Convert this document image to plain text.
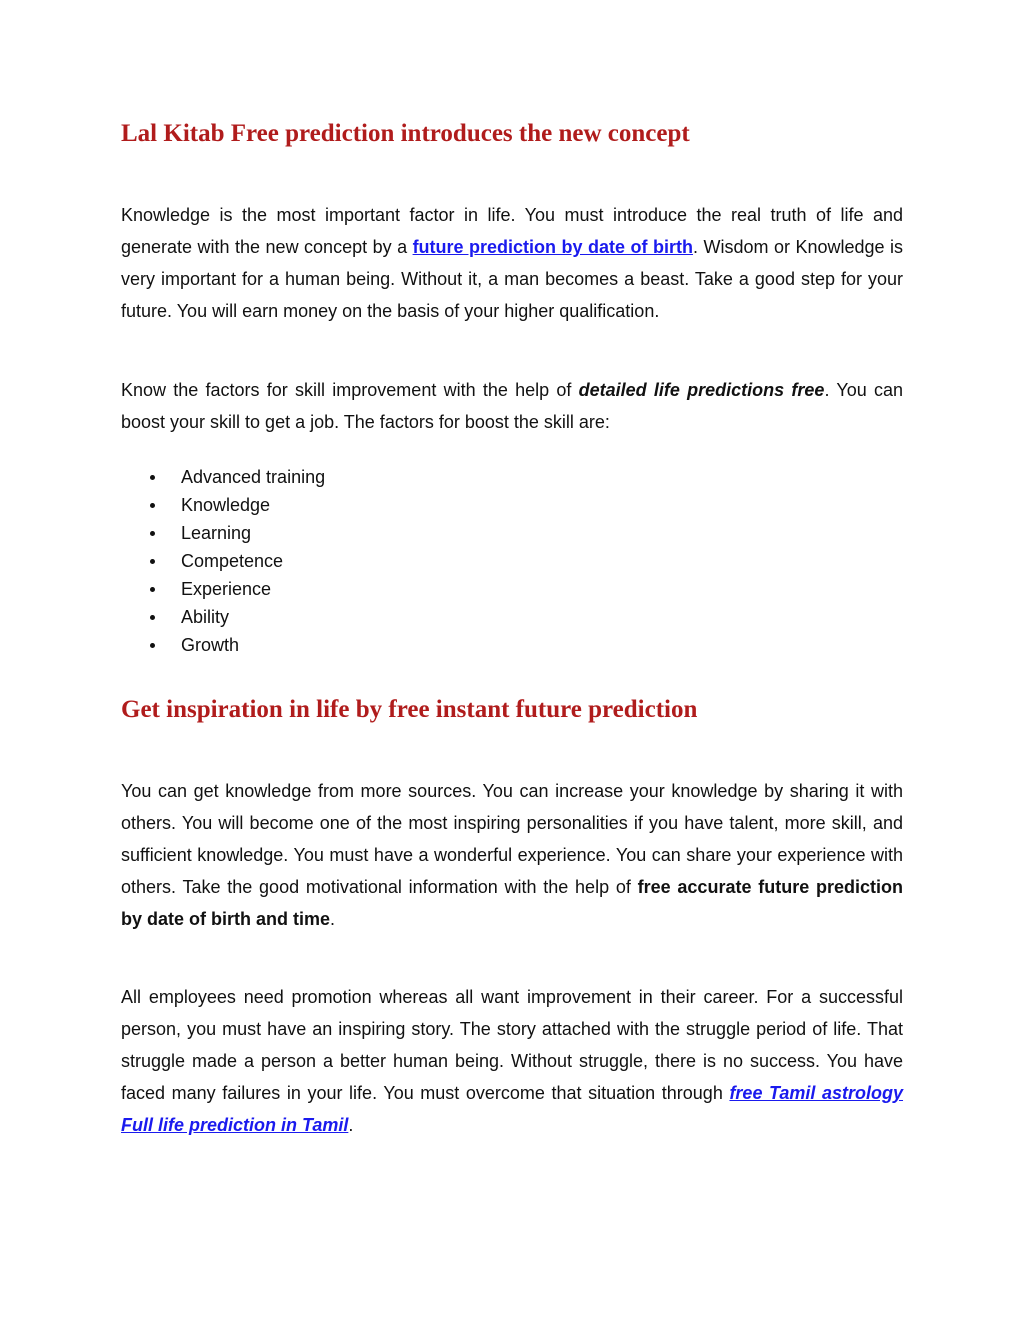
Lal Kitab Free prediction introduces the new concept

Knowledge is the most important factor in life. You must introduce the real truth of life and generate with the new concept by a future prediction by date of birth. Wisdom or Knowledge is very important for a human being. Without it, a man becomes a beast. Take a good step for your future. You will earn money on the basis of your higher qualification.

Know the factors for skill improvement with the help of detailed life predictions free. You can boost your skill to get a job. The factors for boost the skill are:

Advanced training
Knowledge
Learning
Competence
Experience
Ability
Growth
Get inspiration in life by free instant future prediction

You can get knowledge from more sources. You can increase your knowledge by sharing it with others. You will become one of the most inspiring personalities if you have talent, more skill, and sufficient knowledge. You must have a wonderful experience. You can share your experience with others. Take the good motivational information with the help of free accurate future prediction by date of birth and time.

All employees need promotion whereas all want improvement in their career. For a successful person, you must have an inspiring story. The story attached with the struggle period of life. That struggle made a person a better human being. Without struggle, there is no success. You have faced many failures in your life. You must overcome that situation through free Tamil astrology Full life prediction in Tamil.
